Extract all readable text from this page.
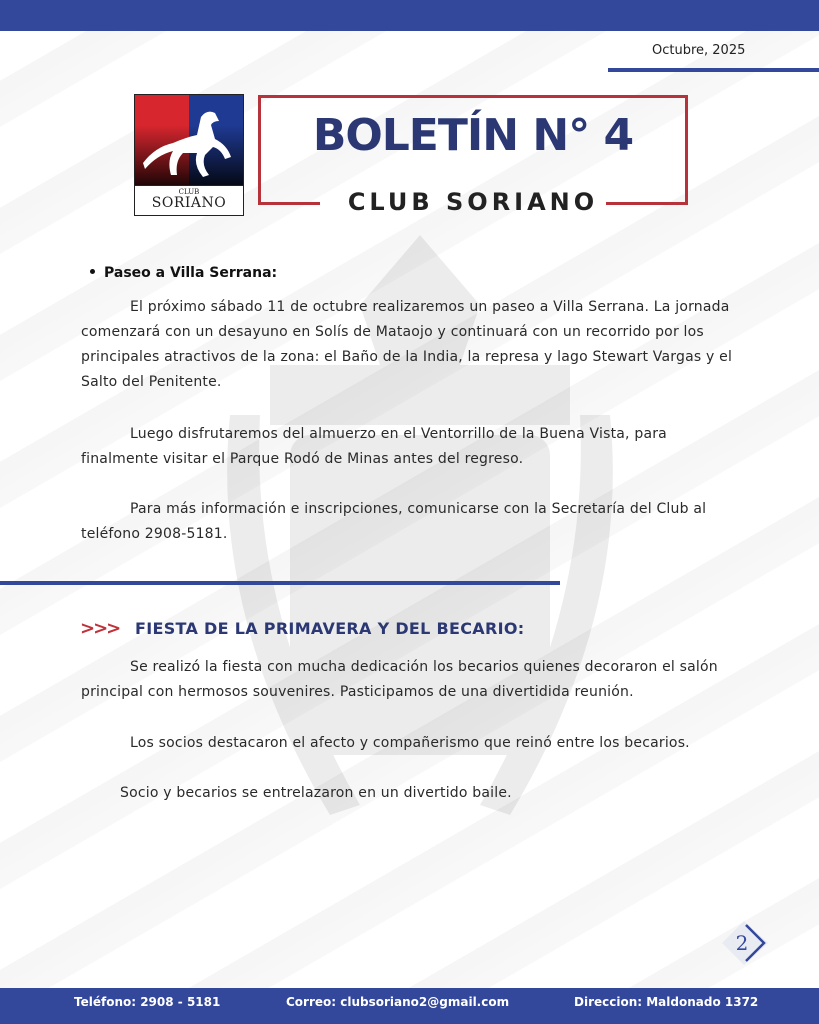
Octubre, 2025
CLUB
SORIANO
BOLETÍN N° 4
CLUB SORIANO
Paseo a Villa Serrana:

El próximo sábado 11 de octubre realizaremos un paseo a Villa Serrana. La jornada comenzará con un desayuno en Solís de Mataojo y continuará con un recorrido por los principales atractivos de la zona: el Baño de la India, la represa y lago Stewart Vargas y el Salto del Penitente.

Luego disfrutaremos del almuerzo en el Ventorrillo de la Buena Vista, para finalmente visitar el Parque Rodó de Minas antes del regreso.

Para más información e inscripciones, comunicarse con la Secretaría del Club al teléfono 2908-5181.

>>> FIESTA DE LA PRIMAVERA Y DEL BECARIO:

Se realizó la fiesta con mucha dedicación los becarios quienes decoraron el salón principal con hermosos souvenires. Pasticipamos de una divertidida reunión.

Los socios destacaron el afecto y compañerismo que reinó entre los becarios.

Socio y becarios se entrelazaron en un divertido baile.

2
Teléfono: 2908 - 5181	Correo: clubsoriano2@gmail.com	Direccion: Maldonado 1372
